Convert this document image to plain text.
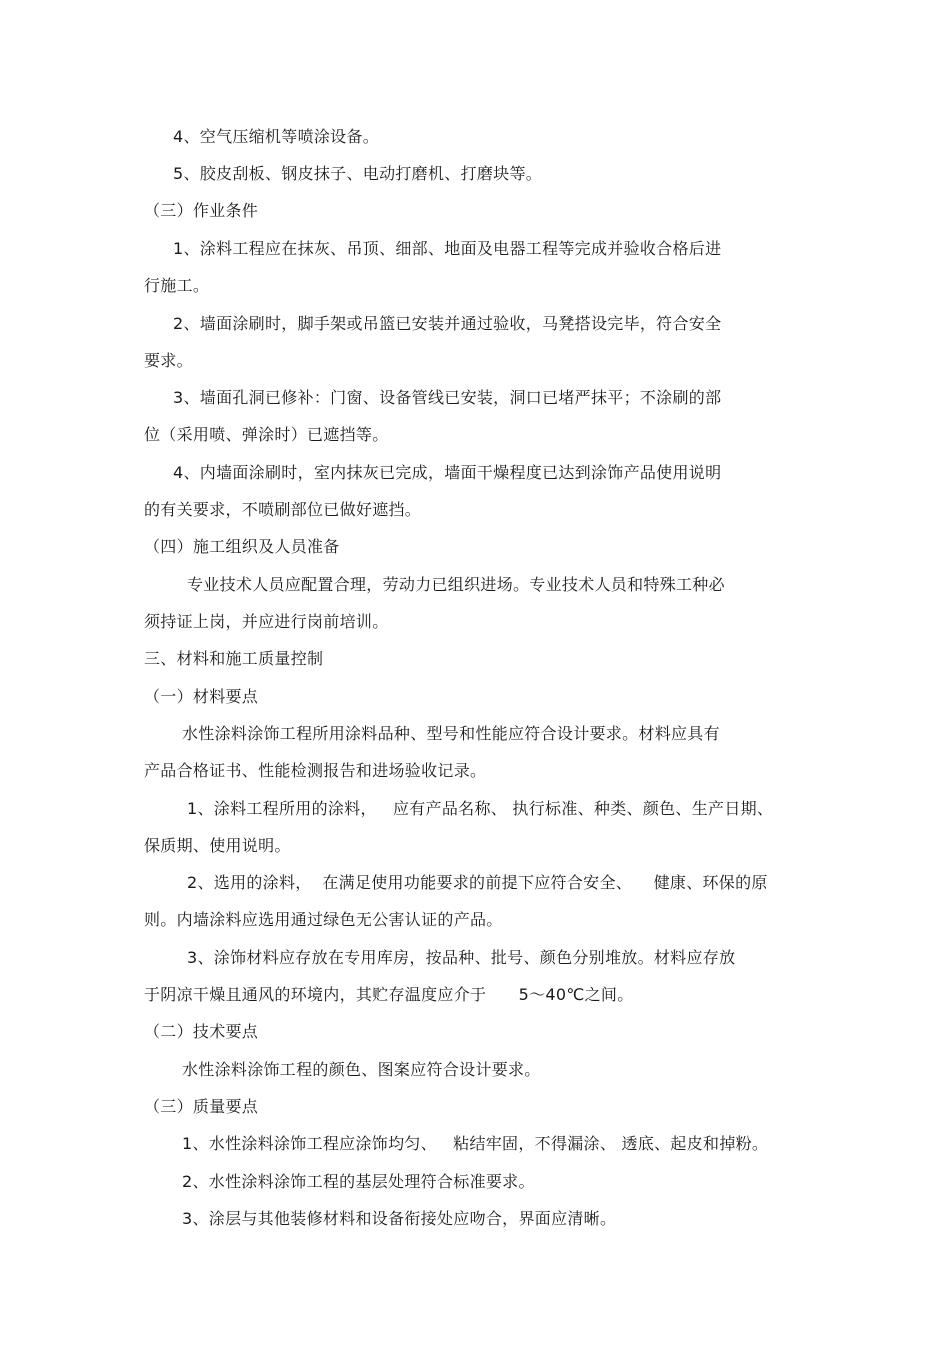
4、空气压缩机等喷涂设备。
5、胶皮刮板、钢皮抹子、电动打磨机、打磨块等。
（三）作业条件
1、涂料工程应在抹灰、吊顶、细部、地面及电器工程等完成并验收合格后进
行施工。
2、墙面涂刷时，脚手架或吊篮已安装并通过验收，马凳搭设完毕，符合安全
要求。
3、墙面孔洞已修补：门窗、设备管线已安装，洞口已堵严抹平；不涂刷的部
位（采用喷、弹涂时）已遮挡等。
4、内墙面涂刷时，室内抹灰已完成，墙面干燥程度已达到涂饰产品使用说明
的有关要求，不喷刷部位已做好遮挡。
（四）施工组织及人员准备
专业技术人员应配置合理，劳动力已组织进场。专业技术人员和特殊工种必
须持证上岗，并应进行岗前培训。
三、材料和施工质量控制
（一）材料要点
水性涂料涂饰工程所用涂料品种、型号和性能应符合设计要求。材料应具有
产品合格证书、性能检测报告和进场验收记录。
1、涂料工程所用的涂料，   应有产品名称、 执行标准、种类、颜色、生产日期、
保质期、使用说明。
2、选用的涂料，  在满足使用功能要求的前提下应符合安全、    健康、环保的原
则。内墙涂料应选用通过绿色无公害认证的产品。
3、涂饰材料应存放在专用库房，按品种、批号、颜色分别堆放。材料应存放
于阴凉干燥且通风的环境内，其贮存温度应介于      5～40℃之间。
（二）技术要点
水性涂料涂饰工程的颜色、图案应符合设计要求。
（三）质量要点
1、水性涂料涂饰工程应涂饰均匀、   粘结牢固，不得漏涂、 透底、起皮和掉粉。
2、水性涂料涂饰工程的基层处理符合标准要求。
3、涂层与其他装修材料和设备衔接处应吻合，界面应清晰。
